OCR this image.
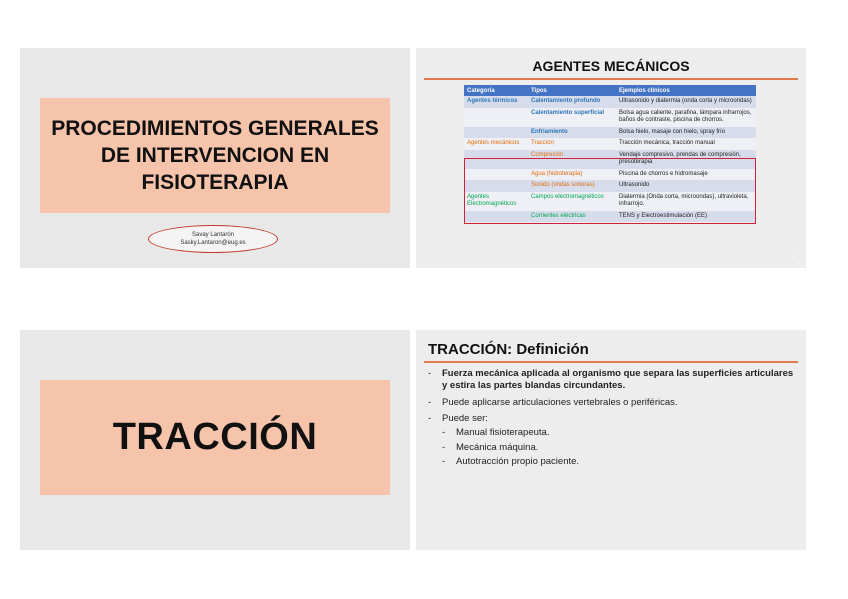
PROCEDIMIENTOS GENERALES
DE INTERVENCION EN
FISIOTERAPIA
Savay Lantarón
Sasky.Lantaron@eug.es
AGENTES MECÁNICOS
Categoría	Tipos	Ejemplos clínicos
Agentes térmicos	Calentamiento profundo	Ultrasonido y diatermia (onda corta y microondas)
	Calentamiento superficial	Bolsa agua caliente, parafina, lámpara infrarrojos, baños de contraste, piscina de chorros.
	Enfriamiento	Bolsa hielo, masaje con hielo, spray frío
Agentes mecánicos	Tracción	Tracción mecánica, tracción manual
	Compresión	Vendaje compresivo, prendas de compresión, presoterapia
	Agua (hidroterapia)	Piscina de chorros e hidromasaje
	Sonido (ondas sonoras)	Ultrasonido
Agentes Electromagnéticos	Campos electromagnéticos	Diatermia (Onda corta, microondas), ultravioleta, infrarrojo.
	Corrientes eléctricas	TENS y Electroestimulación (EE)
2
TRACCIÓN
TRACCIÓN: Definición
-	Fuerza mecánica aplicada al organismo que separa las superficies articulares y estira las partes blandas circundantes.
-	Puede aplicarse articulaciones vertebrales o periféricas.
-	Puede ser:
-	Manual fisioterapeuta.
-	Mecánica máquina.
-	Autotracción propio paciente.
